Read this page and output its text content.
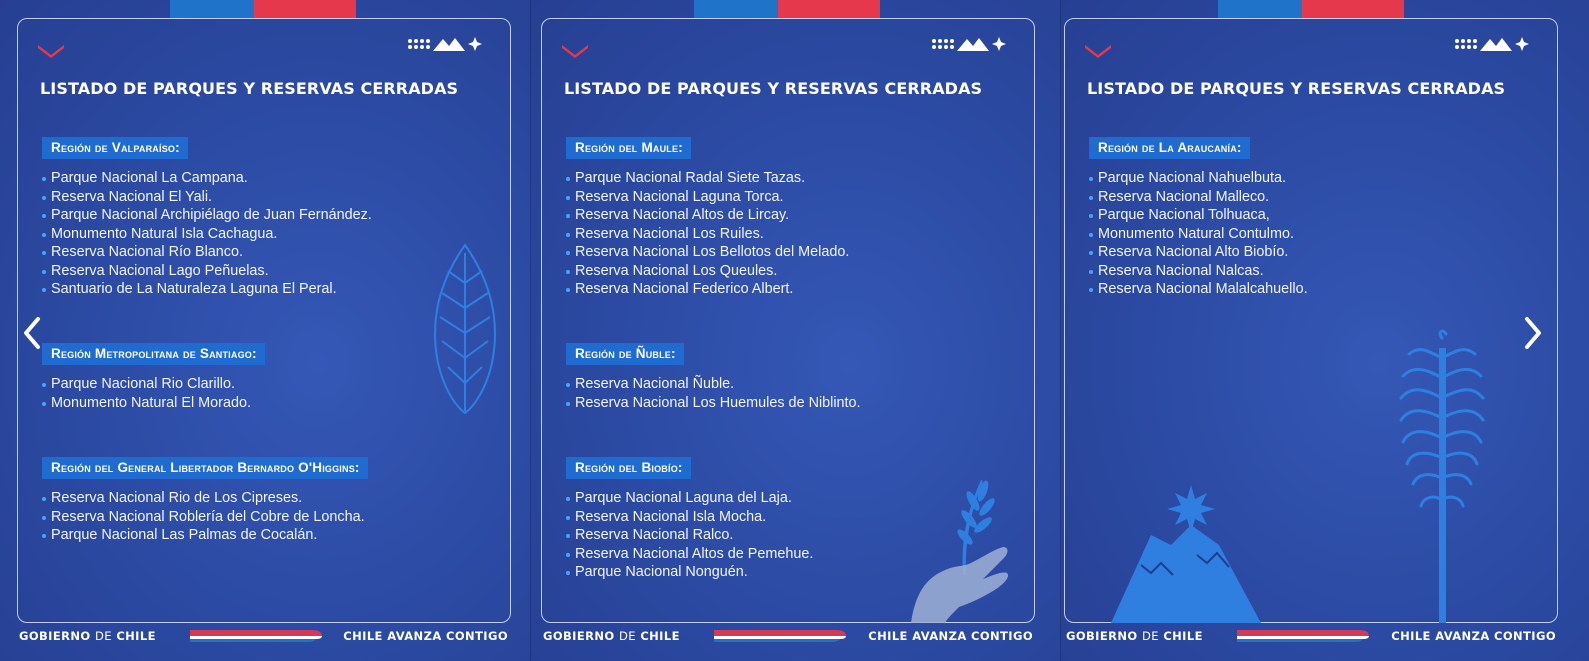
LISTADO DE PARQUES Y RESERVAS CERRADAS
Región de Valparaíso:
Parque Nacional La Campana.
Reserva Nacional El Yali.
Parque Nacional Archipiélago de Juan Fernández.
Monumento Natural Isla Cachagua.
Reserva Nacional Río Blanco.
Reserva Nacional Lago Peñuelas.
Santuario de La Naturaleza Laguna El Peral.
Región Metropolitana de Santiago:
Parque Nacional Rio Clarillo.
Monumento Natural El Morado.
Región del General Libertador Bernardo O'Higgins:
Reserva Nacional Rio de Los Cipreses.
Reserva Nacional Roblería del Cobre de Loncha.
Parque Nacional Las Palmas de Cocalán.
GOBIERNO DE CHILE	CHILE AVANZA CONTIGO
LISTADO DE PARQUES Y RESERVAS CERRADAS
Región del Maule:
Parque Nacional Radal Siete Tazas.
Reserva Nacional Laguna Torca.
Reserva Nacional Altos de Lircay.
Reserva Nacional Los Ruiles.
Reserva Nacional Los Bellotos del Melado.
Reserva Nacional Los Queules.
Reserva Nacional Federico Albert.
Región de Ñuble:
Reserva Nacional Ñuble.
Reserva Nacional Los Huemules de Niblinto.
Región del Biobío:
Parque Nacional Laguna del Laja.
Reserva Nacional Isla Mocha.
Reserva Nacional Ralco.
Reserva Nacional Altos de Pemehue.
Parque Nacional Nonguén.
GOBIERNO DE CHILE	CHILE AVANZA CONTIGO
LISTADO DE PARQUES Y RESERVAS CERRADAS
Región de La Araucanía:
Parque Nacional Nahuelbuta.
Reserva Nacional Malleco.
Parque Nacional Tolhuaca,
Monumento Natural Contulmo.
Reserva Nacional Alto Biobío.
Reserva Nacional Nalcas.
Reserva Nacional Malalcahuello.
GOBIERNO DE CHILE	CHILE AVANZA CONTIGO
